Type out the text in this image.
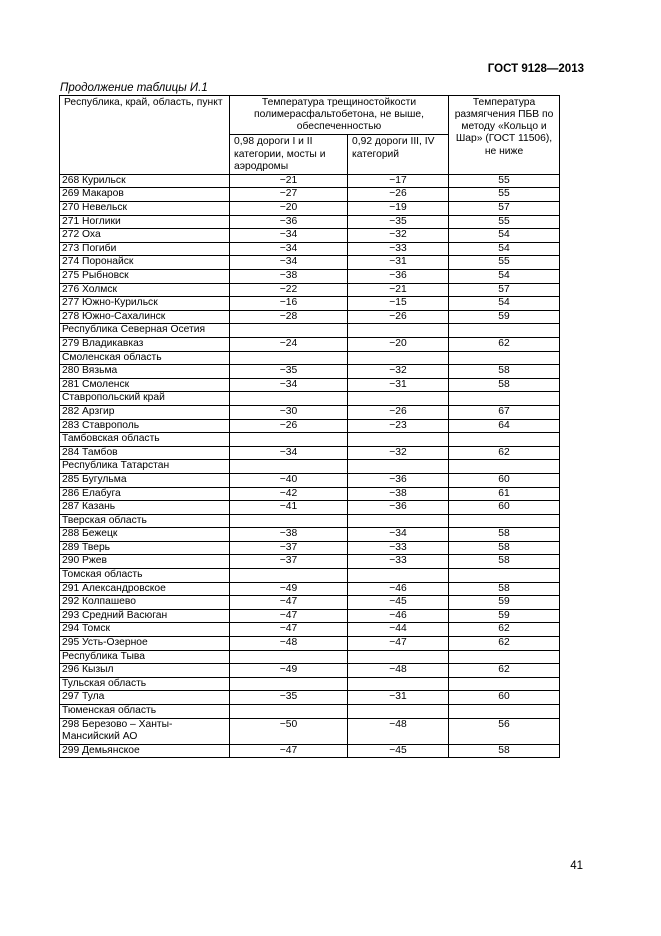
ГОСТ 9128—2013
Продолжение таблицы И.1
Республика, край, область, пункт	Температура трещиностойкости полимерасфальтобетона, не выше, обеспеченностью		Температура размягчения ПБВ по методу «Кольцо и Шар» (ГОСТ 11506), не ниже
	0,98 дороги I и II категории, мосты и аэродромы	0,92 дороги III, IV категорий	
268 Курильск	−21	−17	55
269 Макаров	−27	−26	55
270 Невельск	−20	−19	57
271 Ноглики	−36	−35	55
272 Оха	−34	−32	54
273 Погиби	−34	−33	54
274 Поронайск	−34	−31	55
275 Рыбновск	−38	−36	54
276 Холмск	−22	−21	57
277 Южно-Курильск	−16	−15	54
278 Южно-Сахалинск	−28	−26	59
Республика Северная Осетия			
279 Владикавказ	−24	−20	62
Смоленская область			
280 Вязьма	−35	−32	58
281 Смоленск	−34	−31	58
Ставропольский край			
282 Арзгир	−30	−26	67
283 Ставрополь	−26	−23	64
Тамбовская область			
284 Тамбов	−34	−32	62
Республика Татарстан			
285 Бугульма	−40	−36	60
286 Елабуга	−42	−38	61
287 Казань	−41	−36	60
Тверская область			
288 Бежецк	−38	−34	58
289 Тверь	−37	−33	58
290 Ржев	−37	−33	58
Томская область			
291 Александровское	−49	−46	58
292 Колпашево	−47	−45	59
293 Средний Васюган	−47	−46	59
294 Томск	−47	−44	62
295 Усть-Озерное	−48	−47	62
Республика Тыва			
296 Кызыл	−49	−48	62
Тульская область			
297 Тула	−35	−31	60
Тюменская область			
298 Березово – Ханты-Мансийский АО	−50	−48	56
299 Демьянское	−47	−45	58
41
